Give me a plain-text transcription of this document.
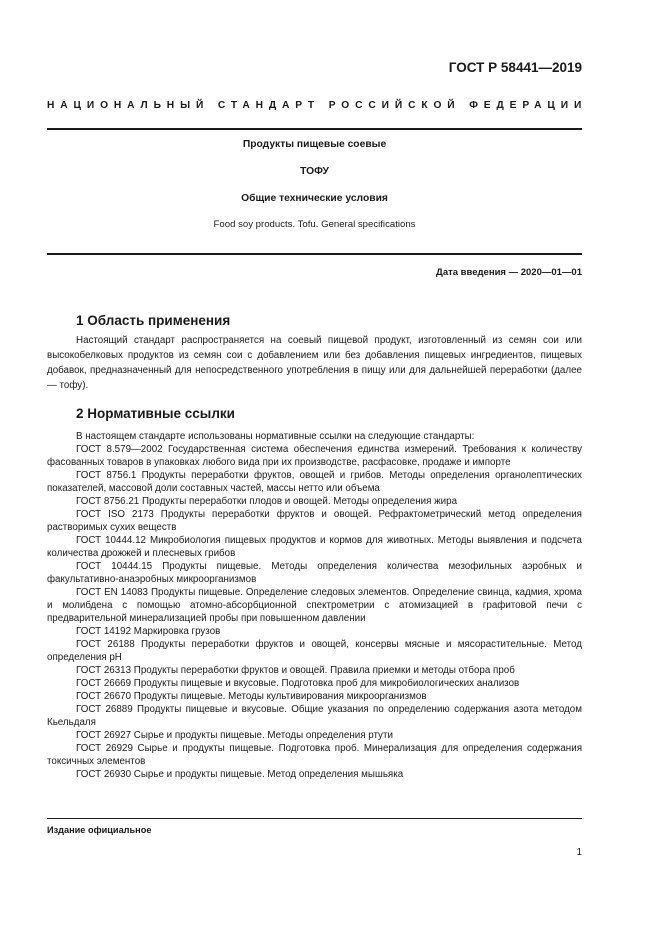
ГОСТ Р 58441—2019
НАЦИОНАЛЬНЫЙ СТАНДАРТ РОССИЙСКОЙ ФЕДЕРАЦИИ
Продукты пищевые соевые
ТОФУ
Общие технические условия
Food soy products. Tofu. General specifications
Дата введения — 2020—01—01
1 Область применения

Настоящий стандарт распространяется на соевый пищевой продукт, изготовленный из семян сои или высокобелковых продуктов из семян сои с добавлением или без добавления пищевых ингредиентов, пищевых добавок, предназначенный для непосредственного употребления в пищу или для дальнейшей переработки (далее — тофу).

2 Нормативные ссылки

В настоящем стандарте использованы нормативные ссылки на следующие стандарты:

ГОСТ 8.579—2002 Государственная система обеспечения единства измерений. Требования к количеству фасованных товаров в упаковках любого вида при их производстве, расфасовке, продаже и импорте

ГОСТ 8756.1 Продукты переработки фруктов, овощей и грибов. Методы определения органолептических показателей, массовой доли составных частей, массы нетто или объема

ГОСТ 8756.21 Продукты переработки плодов и овощей. Методы определения жира

ГОСТ ISO 2173 Продукты переработки фруктов и овощей. Рефрактометрический метод определения растворимых сухих веществ

ГОСТ 10444.12 Микробиология пищевых продуктов и кормов для животных. Методы выявления и подсчета количества дрожжей и плесневых грибов

ГОСТ 10444.15 Продукты пищевые. Методы определения количества мезофильных аэробных и факультативно-анаэробных микроорганизмов

ГОСТ EN 14083 Продукты пищевые. Определение следовых элементов. Определение свинца, кадмия, хрома и молибдена с помощью атомно-абсорбционной спектрометрии с атомизацией в графитовой печи с предварительной минерализацией пробы при повышенном давлении

ГОСТ 14192 Маркировка грузов

ГОСТ 26188 Продукты переработки фруктов и овощей, консервы мясные и мясорастительные. Метод определения pH

ГОСТ 26313 Продукты переработки фруктов и овощей. Правила приемки и методы отбора проб

ГОСТ 26669 Продукты пищевые и вкусовые. Подготовка проб для микробиологических анализов

ГОСТ 26670 Продукты пищевые. Методы культивирования микроорганизмов

ГОСТ 26889 Продукты пищевые и вкусовые. Общие указания по определению содержания азота методом Кьельдаля

ГОСТ 26927 Сырье и продукты пищевые. Методы определения ртути

ГОСТ 26929 Сырье и продукты пищевые. Подготовка проб. Минерализация для определения содержания токсичных элементов

ГОСТ 26930 Сырье и продукты пищевые. Метод определения мышьяка

Издание официальное
1
